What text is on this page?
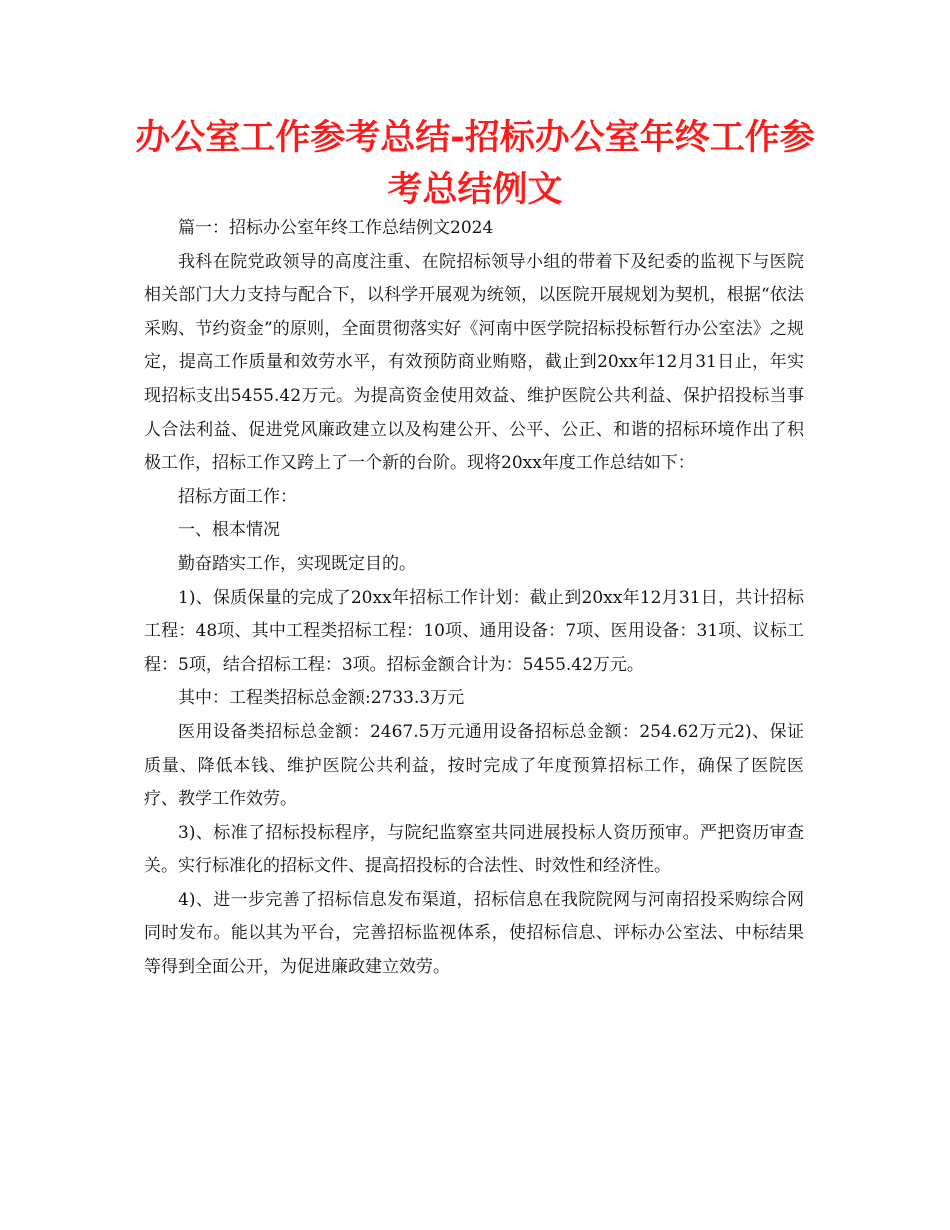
办公室工作参考总结-招标办公室年终工作参考总结例文

篇一：招标办公室年终工作总结例文2024

我科在院党政领导的高度注重、在院招标领导小组的带着下及纪委的监视下与医院相关部门大力支持与配合下，以科学开展观为统领，以医院开展规划为契机，根据“依法采购、节约资金”的原则，全面贯彻落实好《河南中医学院招标投标暂行办公室法》之规定，提高工作质量和效劳水平，有效预防商业贿赂，截止到20xx年12月31日止，年实现招标支出5455.42万元。为提高资金使用效益、维护医院公共利益、保护招投标当事人合法利益、促进党风廉政建立以及构建公开、公平、公正、和谐的招标环境作出了积极工作，招标工作又跨上了一个新的台阶。现将20xx年度工作总结如下：

招标方面工作：

一、根本情况

勤奋踏实工作，实现既定目的。

1)、保质保量的完成了20xx年招标工作计划：截止到20xx年12月31日，共计招标工程：48项、其中工程类招标工程：10项、通用设备：7项、医用设备：31项、议标工程：5项，结合招标工程：3项。招标金额合计为：5455.42万元。

其中：工程类招标总金额:2733.3万元

医用设备类招标总金额：2467.5万元通用设备招标总金额：254.62万元2)、保证质量、降低本钱、维护医院公共利益，按时完成了年度预算招标工作，确保了医院医疗、教学工作效劳。

3)、标准了招标投标程序，与院纪监察室共同进展投标人资历预审。严把资历审查关。实行标准化的招标文件、提高招投标的合法性、时效性和经济性。

4)、进一步完善了招标信息发布渠道，招标信息在我院院网与河南招投采购综合网同时发布。能以其为平台，完善招标监视体系，使招标信息、评标办公室法、中标结果等得到全面公开，为促进廉政建立效劳。
